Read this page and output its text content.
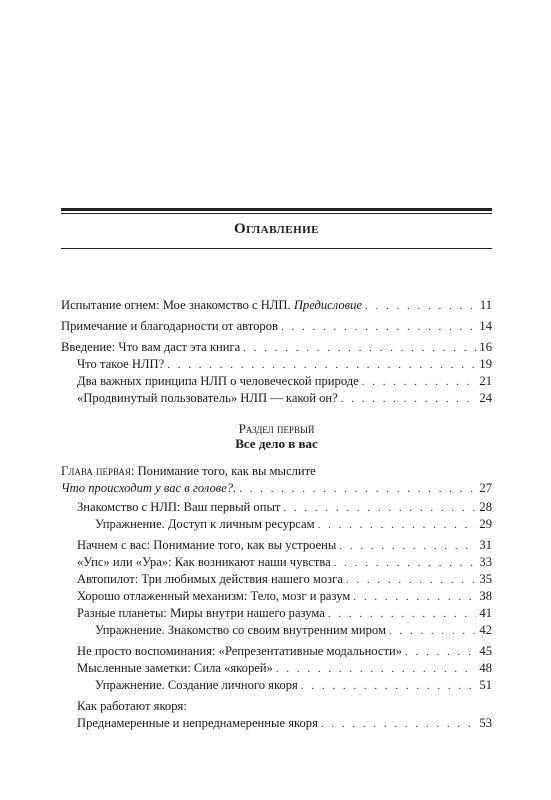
Оглавление
Испытание огнем: Мое знакомство с НЛП. Предисловие . . .	11
Примечание и благодарности от авторов . . .	14
Введение: Что вам даст эта книга . . .	16
Что такое НЛП? . . .	19
Два важных принципа НЛП о человеческой природе . . .	21
«Продвинутый пользователь» НЛП — какой он? . . .	24
Раздел первый
Все дело в вас
Глава первая: Понимание того, как вы мыслите
Что происходит у вас в голове?. . . .	27
Знакомство с НЛП: Ваш первый опыт . . .	28
Упражнение. Доступ к личным ресурсам . . .	29
Начнем с вас: Понимание того, как вы устроены . . .	31
«Упс» или «Ура»: Как возникают наши чувства . . .	33
Автопилот: Три любимых действия нашего мозга . . .	35
Хорошо отлаженный механизм: Тело, мозг и разум . . .	38
Разные планеты: Миры внутри нашего разума . . .	41
Упражнение. Знакомство со своим внутренним миром . . .	42
Не просто воспоминания: «Репрезентативные модальности» . . .	45
Мысленные заметки: Сила «якорей» . . .	48
Упражнение. Создание личного якоря . . .	51
Как работают якоря:
Преднамеренные и непреднамеренные якоря . . .	53
